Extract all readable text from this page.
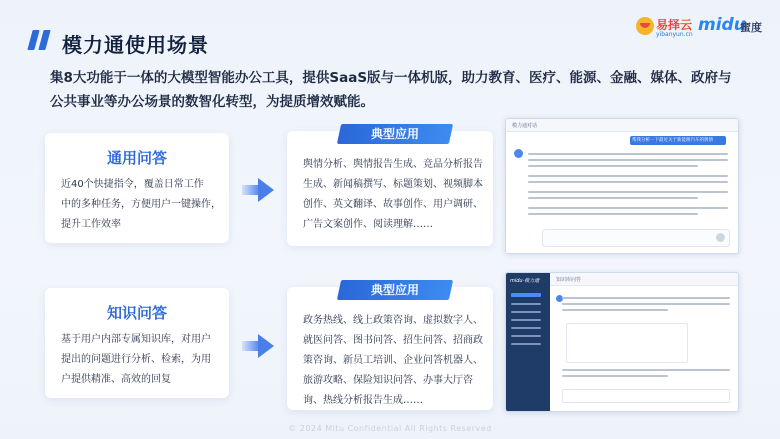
模力通使用场景
易择云
yibanyun.cn midu
蜜度

集8大功能于一体的大模型智能办公工具，提供SaaS版与一体机版，助力教育、医疗、能源、金融、媒体、政府与公共事业等办公场景的数智化转型，为提质增效赋能。

通用问答
近40个快捷指令，覆盖日常工作
中的多种任务，方便用户一键操作，
提升工作效率
舆情分析、舆情报告生成、竞品分析报告生成、新闻稿撰写、标题策划、视频脚本创作、英文翻译、故事创作、用户调研、广告文案创作、阅读理解……
典型应用
模力通对话
帮我分析一下最近关于新能源汽车的舆情
知识问答
基于用户内部专属知识库，对用户
提出的问题进行分析、检索，为用
户提供精准、高效的回复
政务热线、线上政策咨询、虚拟数字人、就医问答、图书问答、招生问答、招商政策咨询、新员工培训、企业问答机器人、旅游攻略、保险知识问答、办事大厅咨询、热线分析报告生成……
典型应用
midu·模力通	知识库问答
© 2024 Mitu Confidential All Rights Reserved
